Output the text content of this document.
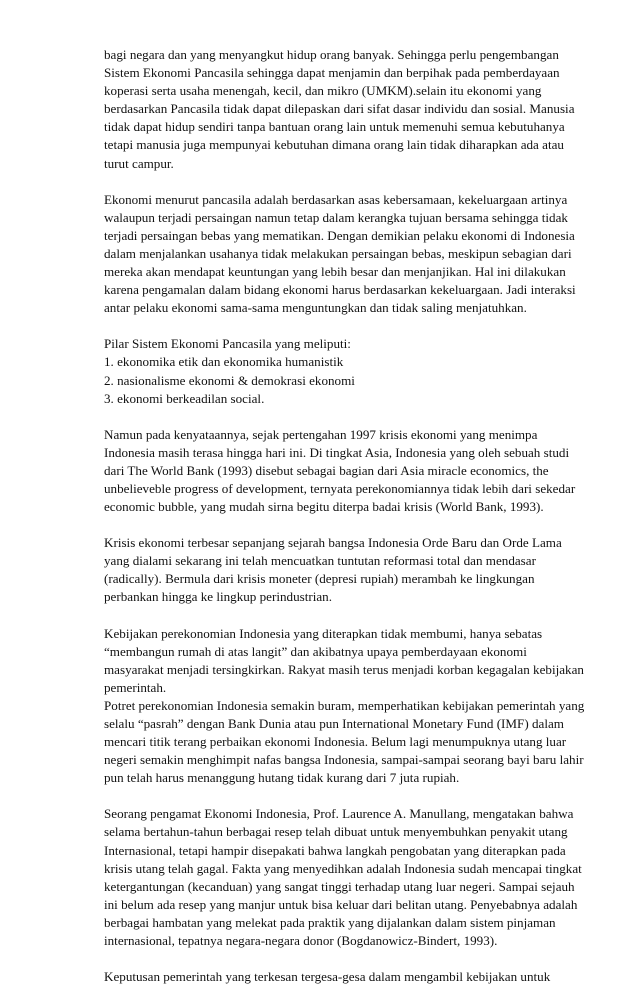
bagi negara dan yang menyangkut hidup orang banyak. Sehingga perlu pengembangan
Sistem Ekonomi Pancasila sehingga dapat menjamin dan berpihak pada pemberdayaan
koperasi serta usaha menengah, kecil, dan mikro (UMKM).selain itu ekonomi yang
berdasarkan Pancasila tidak dapat dilepaskan dari sifat dasar individu dan sosial. Manusia
tidak dapat hidup sendiri tanpa bantuan orang lain untuk memenuhi semua kebutuhanya
tetapi manusia juga mempunyai kebutuhan dimana orang lain tidak diharapkan ada atau
turut campur.

Ekonomi menurut pancasila adalah berdasarkan asas kebersamaan, kekeluargaan artinya
walaupun terjadi persaingan namun tetap dalam kerangka tujuan bersama sehingga tidak
terjadi persaingan bebas yang mematikan. Dengan demikian pelaku ekonomi di Indonesia
dalam menjalankan usahanya tidak melakukan persaingan bebas, meskipun sebagian dari
mereka akan mendapat keuntungan yang lebih besar dan menjanjikan. Hal ini dilakukan
karena pengamalan dalam bidang ekonomi harus berdasarkan kekeluargaan. Jadi interaksi
antar pelaku ekonomi sama-sama menguntungkan dan tidak saling menjatuhkan.

Pilar Sistem Ekonomi Pancasila yang meliputi:
1. ekonomika etik dan ekonomika humanistik
2. nasionalisme ekonomi & demokrasi ekonomi
3. ekonomi berkeadilan social.

Namun pada kenyataannya, sejak pertengahan 1997 krisis ekonomi yang menimpa
Indonesia masih terasa hingga hari ini. Di tingkat Asia, Indonesia yang oleh sebuah studi
dari The World Bank (1993) disebut sebagai bagian dari Asia miracle economics, the
unbelieveble progress of development, ternyata perekonomiannya tidak lebih dari sekedar
economic bubble, yang mudah sirna begitu diterpa badai krisis (World Bank, 1993).

Krisis ekonomi terbesar sepanjang sejarah bangsa Indonesia Orde Baru dan Orde Lama
yang dialami sekarang ini telah mencuatkan tuntutan reformasi total dan mendasar
(radically). Bermula dari krisis moneter (depresi rupiah) merambah ke lingkungan
perbankan hingga ke lingkup perindustrian.

Kebijakan perekonomian Indonesia yang diterapkan tidak membumi, hanya sebatas
“membangun rumah di atas langit” dan akibatnya upaya pemberdayaan ekonomi
masyarakat menjadi tersingkirkan. Rakyat masih terus menjadi korban kegagalan kebijakan
pemerintah.

Potret perekonomian Indonesia semakin buram, memperhatikan kebijakan pemerintah yang
selalu “pasrah” dengan Bank Dunia atau pun International Monetary Fund (IMF) dalam
mencari titik terang perbaikan ekonomi Indonesia. Belum lagi menumpuknya utang luar
negeri semakin menghimpit nafas bangsa Indonesia, sampai-sampai seorang bayi baru lahir
pun telah harus menanggung hutang tidak kurang dari 7 juta rupiah.

Seorang pengamat Ekonomi Indonesia, Prof. Laurence A. Manullang, mengatakan bahwa
selama bertahun-tahun berbagai resep telah dibuat untuk menyembuhkan penyakit utang
Internasional, tetapi hampir disepakati bahwa langkah pengobatan yang diterapkan pada
krisis utang telah gagal. Fakta yang menyedihkan adalah Indonesia sudah mencapai tingkat
ketergantungan (kecanduan) yang sangat tinggi terhadap utang luar negeri. Sampai sejauh
ini belum ada resep yang manjur untuk bisa keluar dari belitan utang. Penyebabnya adalah
berbagai hambatan yang melekat pada praktik yang dijalankan dalam sistem pinjaman
internasional, tepatnya negara-negara donor (Bogdanowicz-Bindert, 1993).

Keputusan pemerintah yang terkesan tergesa-gesa dalam mengambil kebijakan untuk
